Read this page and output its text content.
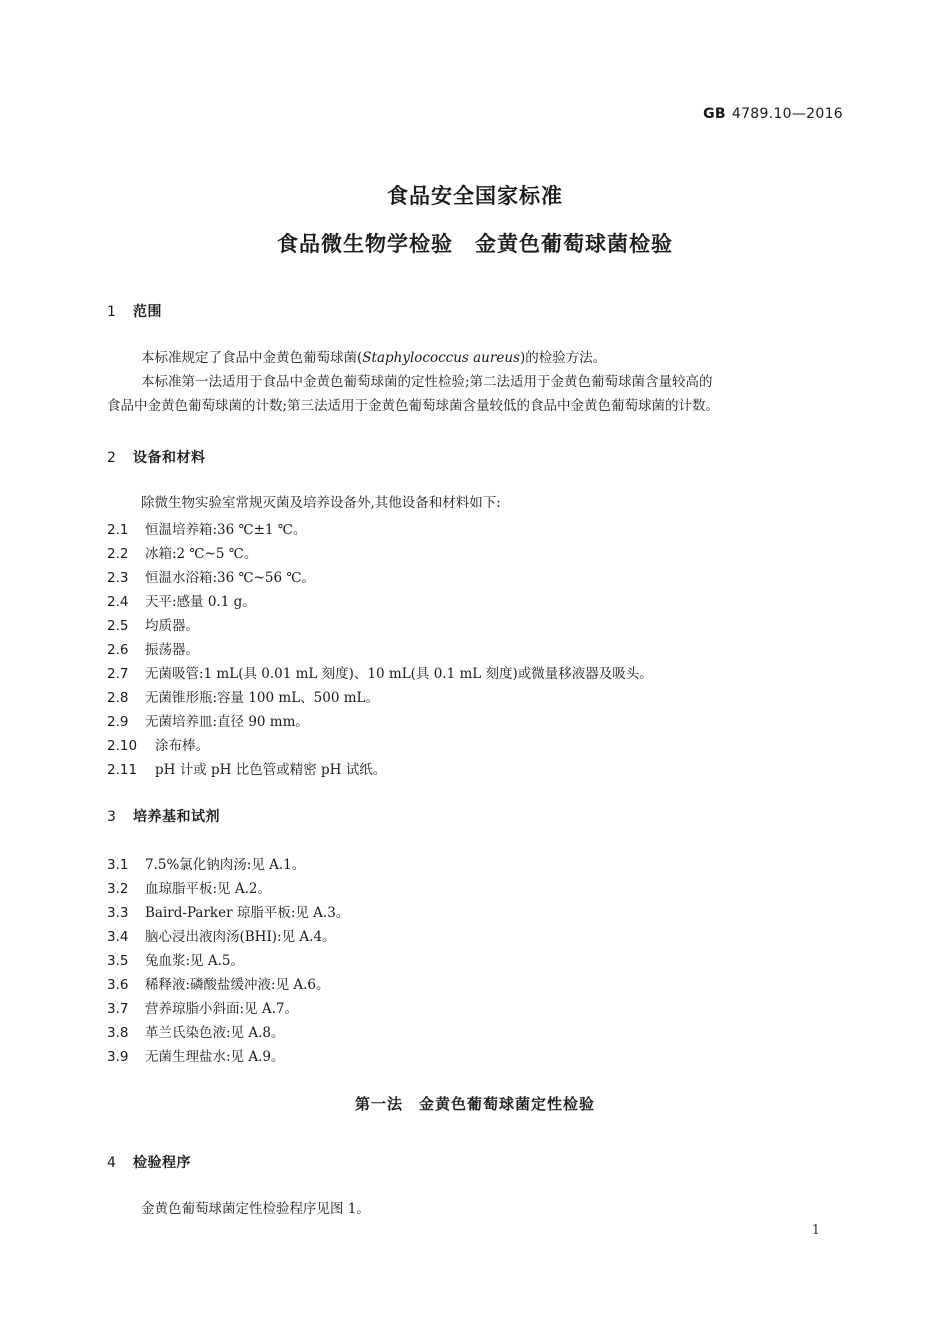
GB 4789.10—2016
食品安全国家标准
食品微生物学检验　金黄色葡萄球菌检验
1 范围
本标准规定了食品中金黄色葡萄球菌(Staphylococcus aureus)的检验方法。
本标准第一法适用于食品中金黄色葡萄球菌的定性检验;第二法适用于金黄色葡萄球菌含量较高的
食品中金黄色葡萄球菌的计数;第三法适用于金黄色葡萄球菌含量较低的食品中金黄色葡萄球菌的计数。
2 设备和材料
除微生物实验室常规灭菌及培养设备外,其他设备和材料如下:
2.1 恒温培养箱:36 ℃±1 ℃。
2.2 冰箱:2 ℃~5 ℃。
2.3 恒温水浴箱:36 ℃~56 ℃。
2.4 天平:感量 0.1 g。
2.5 均质器。
2.6 振荡器。
2.7 无菌吸管:1 mL(具 0.01 mL 刻度)、10 mL(具 0.1 mL 刻度)或微量移液器及吸头。
2.8 无菌锥形瓶:容量 100 mL、500 mL。
2.9 无菌培养皿:直径 90 mm。
2.10 涂布棒。
2.11 pH 计或 pH 比色管或精密 pH 试纸。
3 培养基和试剂
3.1 7.5%氯化钠肉汤:见 A.1。
3.2 血琼脂平板:见 A.2。
3.3 Baird-Parker 琼脂平板:见 A.3。
3.4 脑心浸出液肉汤(BHI):见 A.4。
3.5 兔血浆:见 A.5。
3.6 稀释液:磷酸盐缓冲液:见 A.6。
3.7 营养琼脂小斜面:见 A.7。
3.8 革兰氏染色液:见 A.8。
3.9 无菌生理盐水:见 A.9。
第一法　金黄色葡萄球菌定性检验
4 检验程序
金黄色葡萄球菌定性检验程序见图 1。
1
